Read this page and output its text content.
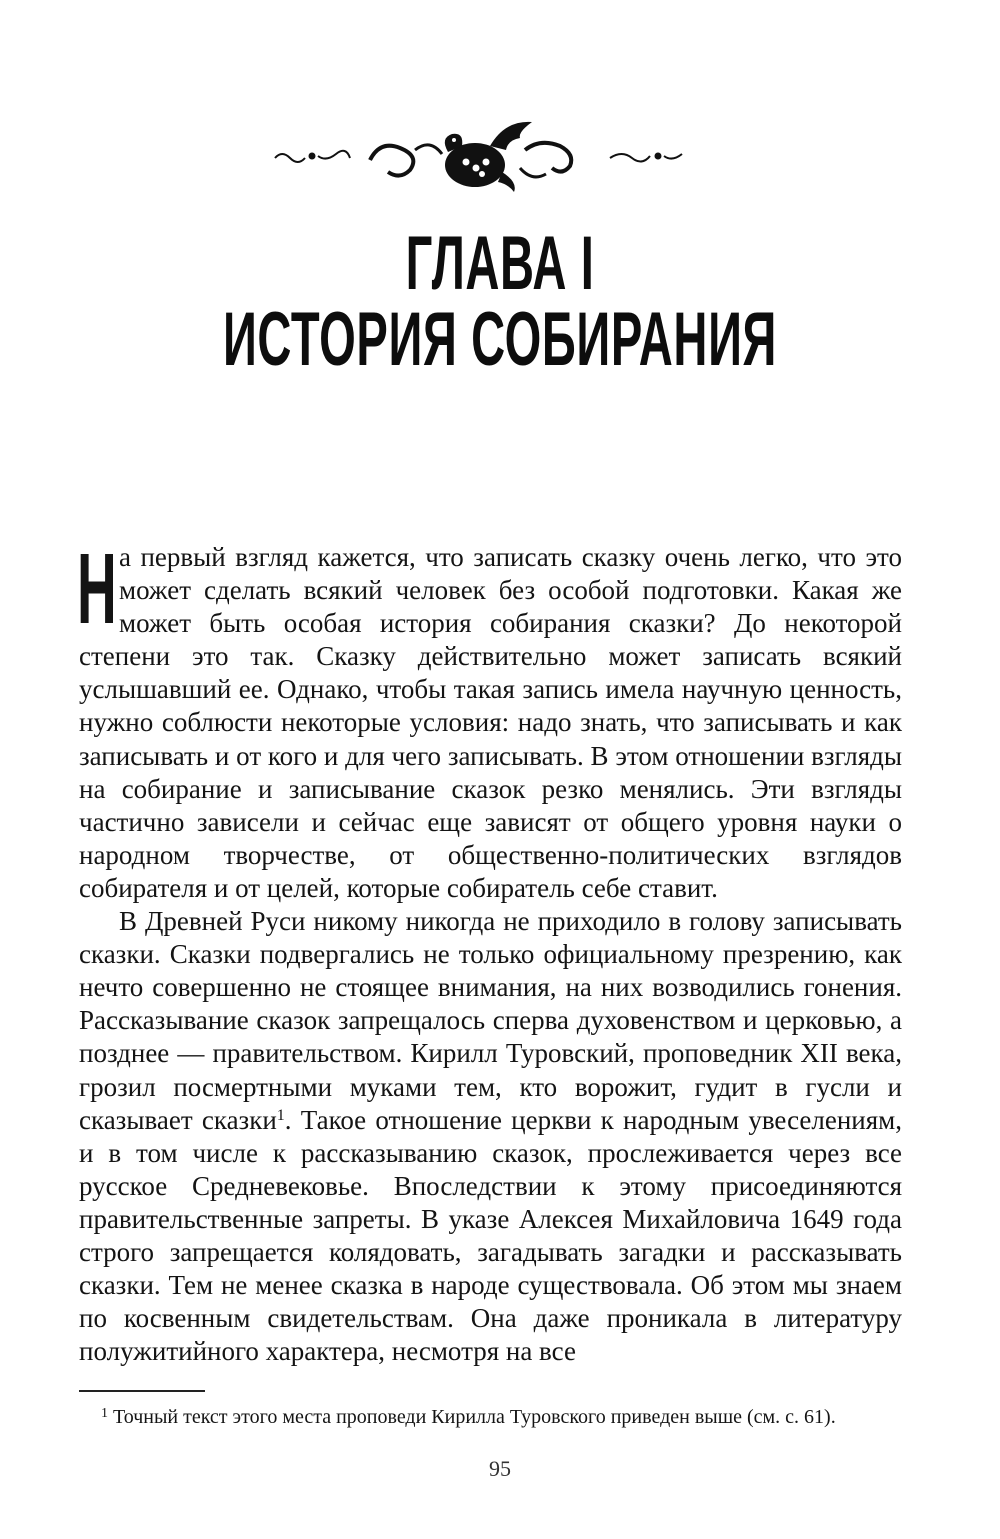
ГЛАВА I
ИСТОРИЯ СОБИРАНИЯ

На первый взгляд кажется, что записать сказку очень легко, что это может сделать всякий человек без особой подготовки. Какая же может быть особая история собирания сказки? До некоторой степени это так. Сказку действительно может записать всякий услышавший ее. Однако, чтобы такая запись имела научную ценность, нужно соблюсти некоторые условия: надо знать, что записывать и как записывать и от кого и для чего записывать. В этом отношении взгляды на собирание и записывание сказок резко менялись. Эти взгляды частично зависели и сейчас еще зависят от общего уровня науки о народном творчестве, от общественно-политических взглядов собирателя и от целей, которые собиратель себе ставит.

В Древней Руси никому никогда не приходило в голову записывать сказки. Сказки подвергались не только официальному презрению, как нечто совершенно не стоящее внимания, на них возводились гонения. Рассказывание сказок запрещалось сперва духовенством и церковью, а позднее — правительством. Кирилл Туровский, проповедник XII века, грозил посмертными муками тем, кто ворожит, гудит в гусли и сказывает сказки$^1$. Такое отношение церкви к народным увеселениям, и в том числе к рассказыванию сказок, прослеживается через все русское Средневековье. Впоследствии к этому присоединяются правительственные запреты. В указе Алексея Михайловича 1649 года строго запрещается колядовать, загадывать загадки и рассказывать сказки. Тем не менее сказка в народе существовала. Об этом мы знаем по косвенным свидетельствам. Она даже проникала в литературу полужитийного характера, несмотря на все

$^1$ Точный текст этого места проповеди Кирилла Туровского приведен выше (см. с. 61).
95
